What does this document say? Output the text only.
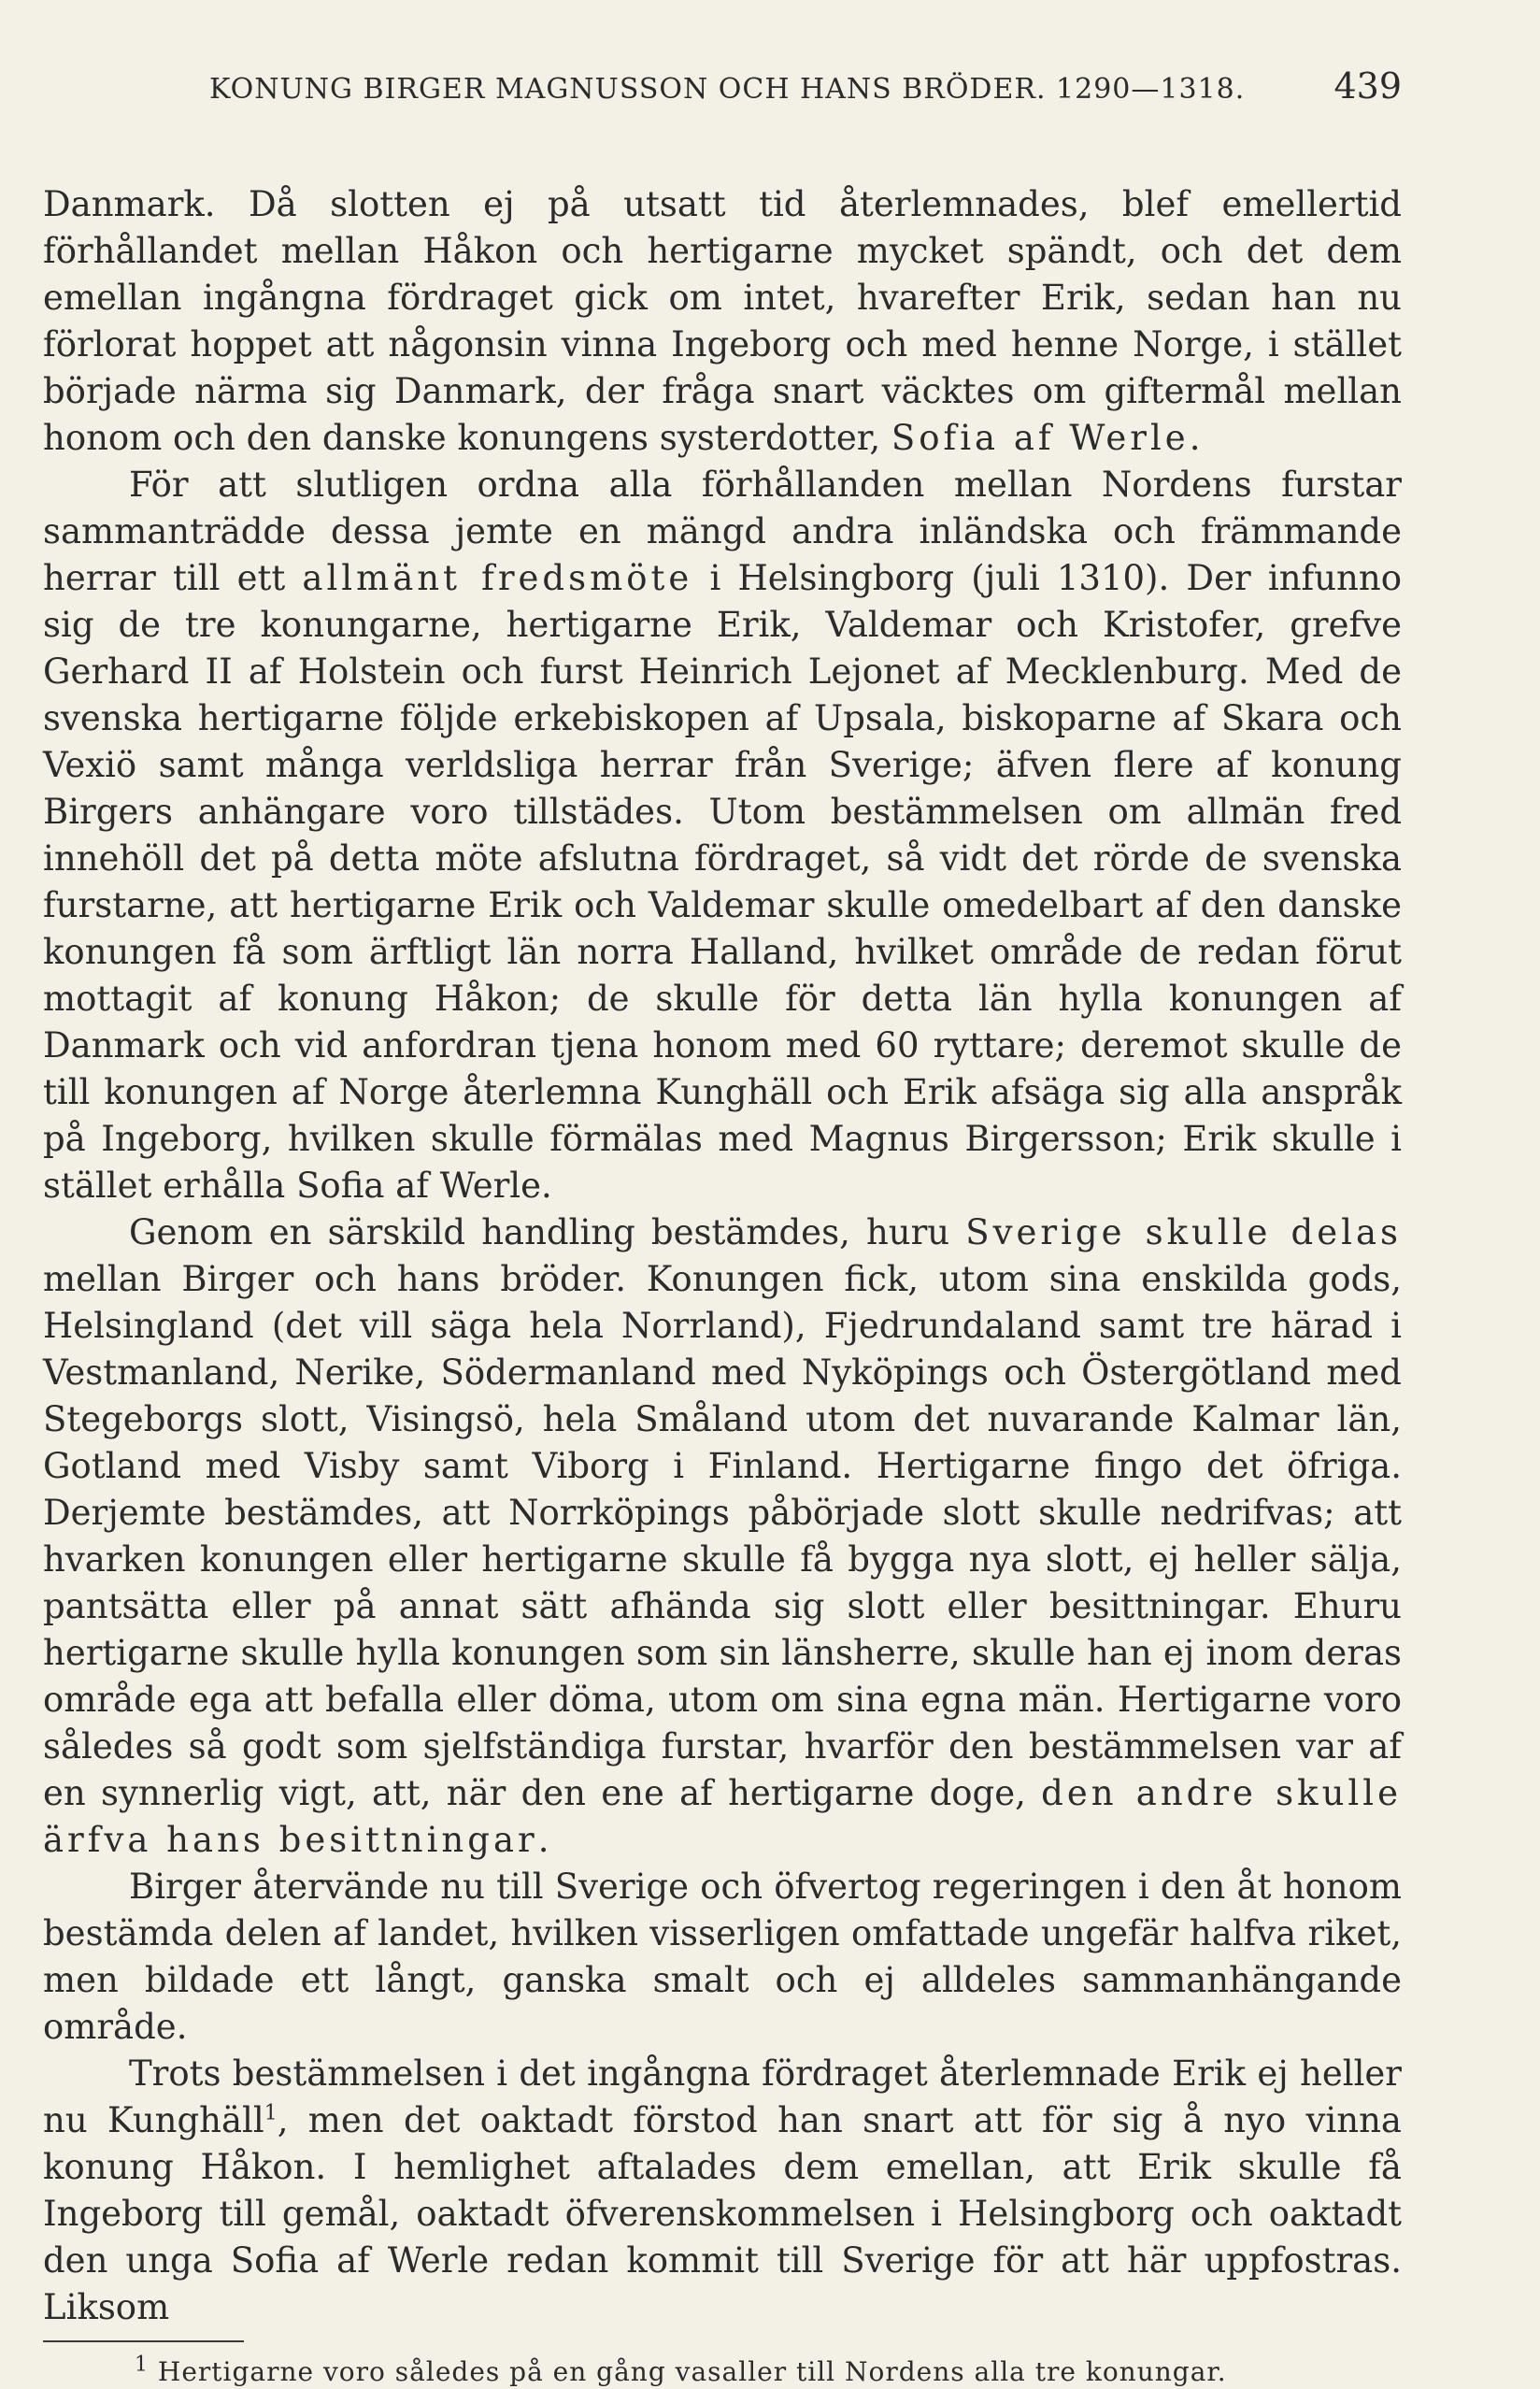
KONUNG BIRGER MAGNUSSON OCH HANS BRÖDER. 1290—1318.	439

Danmark. Då slotten ej på utsatt tid återlemnades, blef emellertid förhållandet mellan Håkon och hertigarne mycket spändt, och det dem emellan ingångna fördraget gick om intet, hvarefter Erik, sedan han nu förlorat hoppet att någonsin vinna Ingeborg och med henne Norge, i stället började närma sig Danmark, der fråga snart väcktes om giftermål mellan honom och den danske konungens systerdotter, Sofia af Werle.

För att slutligen ordna alla förhållanden mellan Nordens furstar sammanträdde dessa jemte en mängd andra inländska och främmande herrar till ett allmänt fredsmöte i Helsingborg (juli 1310). Der infunno sig de tre konungarne, hertigarne Erik, Valdemar och Kristofer, grefve Gerhard II af Holstein och furst Heinrich Lejonet af Mecklenburg. Med de svenska hertigarne följde erkebiskopen af Upsala, biskoparne af Skara och Vexiö samt många verldsliga herrar från Sverige; äfven flere af konung Birgers anhängare voro tillstädes. Utom bestämmelsen om allmän fred innehöll det på detta möte afslutna fördraget, så vidt det rörde de svenska furstarne, att hertigarne Erik och Valdemar skulle omedelbart af den danske konungen få som ärftligt län norra Halland, hvilket område de redan förut mottagit af konung Håkon; de skulle för detta län hylla konungen af Danmark och vid anfordran tjena honom med 60 ryttare; deremot skulle de till konungen af Norge återlemna Kunghäll och Erik afsäga sig alla anspråk på Ingeborg, hvilken skulle förmälas med Magnus Birgersson; Erik skulle i stället erhålla Sofia af Werle.

Genom en särskild handling bestämdes, huru Sverige skulle delas mellan Birger och hans bröder. Konungen fick, utom sina enskilda gods, Helsingland (det vill säga hela Norrland), Fjedrundaland samt tre härad i Vestmanland, Nerike, Södermanland med Nyköpings och Östergötland med Stegeborgs slott, Visingsö, hela Småland utom det nuvarande Kalmar län, Gotland med Visby samt Viborg i Finland. Hertigarne fingo det öfriga. Derjemte bestämdes, att Norrköpings påbörjade slott skulle nedrifvas; att hvarken konungen eller hertigarne skulle få bygga nya slott, ej heller sälja, pantsätta eller på annat sätt afhända sig slott eller besittningar. Ehuru hertigarne skulle hylla konungen som sin länsherre, skulle han ej inom deras område ega att befalla eller döma, utom om sina egna män. Hertigarne voro således så godt som sjelfständiga furstar, hvarför den bestämmelsen var af en synnerlig vigt, att, när den ene af hertigarne doge, den andre skulle ärfva hans besittningar.

Birger återvände nu till Sverige och öfvertog regeringen i den åt honom bestämda delen af landet, hvilken visserligen omfattade ungefär halfva riket, men bildade ett långt, ganska smalt och ej alldeles sammanhängande område.

Trots bestämmelsen i det ingångna fördraget återlemnade Erik ej heller nu Kunghäll$^1$, men det oaktadt förstod han snart att för sig å nyo vinna konung Håkon. I hemlighet aftalades dem emellan, att Erik skulle få Ingeborg till gemål, oaktadt öfverenskommelsen i Helsingborg och oaktadt den unga Sofia af Werle redan kommit till Sverige för att här uppfostras. Liksom

$^1$ Hertigarne voro således på en gång vasaller till Nordens alla tre konungar.
